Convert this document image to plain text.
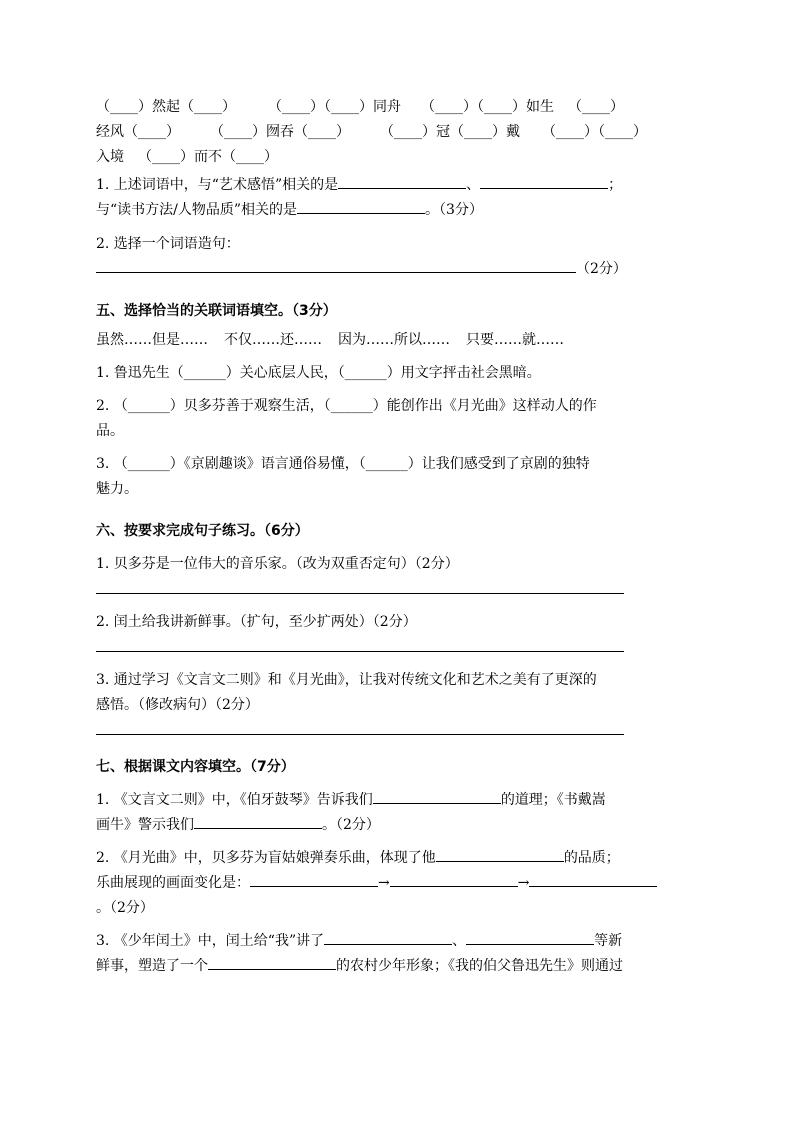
（____）然起（____） （____）（____）同舟 （____）（____）如生 （____）
经风（____） （____）囫吞（____） （____）冠（____）戴 （____）（____）
入境 （____）而不（____）
1. 上述词语中，与“艺术感悟”相关的是	、	；
与“读书方法/人物品质”相关的是	。（3分）
2. 选择一个词语造句：
（2分）
五、选择恰当的关联词语填空。（3分）
虽然……但是…… 不仅……还…… 因为……所以…… 只要……就……
1. 鲁迅先生（______）关心底层人民，（______）用文字抨击社会黑暗。
2. （______）贝多芬善于观察生活，（______）能创作出《月光曲》这样动人的作
品。
3. （______）《京剧趣谈》语言通俗易懂，（______）让我们感受到了京剧的独特
魅力。
六、按要求完成句子练习。（6分）
1. 贝多芬是一位伟大的音乐家。（改为双重否定句）（2分）
2. 闰土给我讲新鲜事。（扩句，至少扩两处）（2分）
3. 通过学习《文言文二则》和《月光曲》，让我对传统文化和艺术之美有了更深的
感悟。（修改病句）（2分）
七、根据课文内容填空。（7分）
1. 《文言文二则》中，《伯牙鼓琴》告诉我们	的道理；《书戴嵩
画牛》警示我们	。（2分）
2. 《月光曲》中，贝多芬为盲姑娘弹奏乐曲，体现了他	的品质；
乐曲展现的画面变化是：	→	→
。（2分）
3. 《少年闰土》中，闰土给“我”讲了	、	等新
鲜事，塑造了一个	的农村少年形象；《我的伯父鲁迅先生》则通过
